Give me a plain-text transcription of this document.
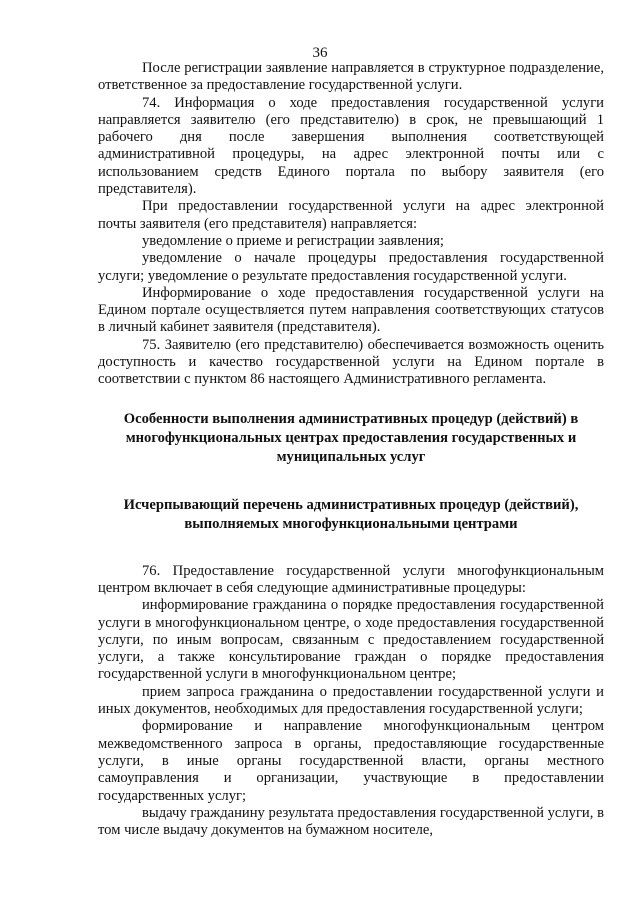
36

После регистрации заявление направляется в структурное подразделение, ответственное за предоставление государственной услуги.

74. Информация о ходе предоставления государственной услуги направляется заявителю (его представителю) в срок, не превышающий 1 рабочего дня после завершения выполнения соответствующей административной процедуры, на адрес электронной почты или с использованием средств Единого портала по выбору заявителя (его представителя).

При предоставлении государственной услуги на адрес электронной почты заявителя (его представителя) направляется:

уведомление о приеме и регистрации заявления;

уведомление о начале процедуры предоставления государственной услуги; уведомление о результате предоставления государственной услуги.

Информирование о ходе предоставления государственной услуги на Едином портале осуществляется путем направления соответствующих статусов в личный кабинет заявителя (представителя).

75. Заявителю (его представителю) обеспечивается возможность оценить доступность и качество государственной услуги на Едином портале в соответствии с пунктом 86 настоящего Административного регламента.

Особенности выполнения административных процедур (действий) в многофункциональных центрах предоставления государственных и муниципальных услуг

Исчерпывающий перечень административных процедур (действий), выполняемых многофункциональными центрами

76. Предоставление государственной услуги многофункциональным центром включает в себя следующие административные процедуры:

информирование гражданина о порядке предоставления государственной услуги в многофункциональном центре, о ходе предоставления государственной услуги, по иным вопросам, связанным с предоставлением государственной услуги, а также консультирование граждан о порядке предоставления государственной услуги в многофункциональном центре;

прием запроса гражданина о предоставлении государственной услуги и иных документов, необходимых для предоставления государственной услуги;

формирование и направление многофункциональным центром межведомственного запроса в органы, предоставляющие государственные услуги, в иные органы государственной власти, органы местного самоуправления и организации, участвующие в предоставлении государственных услуг;

выдачу гражданину результата предоставления государственной услуги, в том числе выдачу документов на бумажном носителе,
